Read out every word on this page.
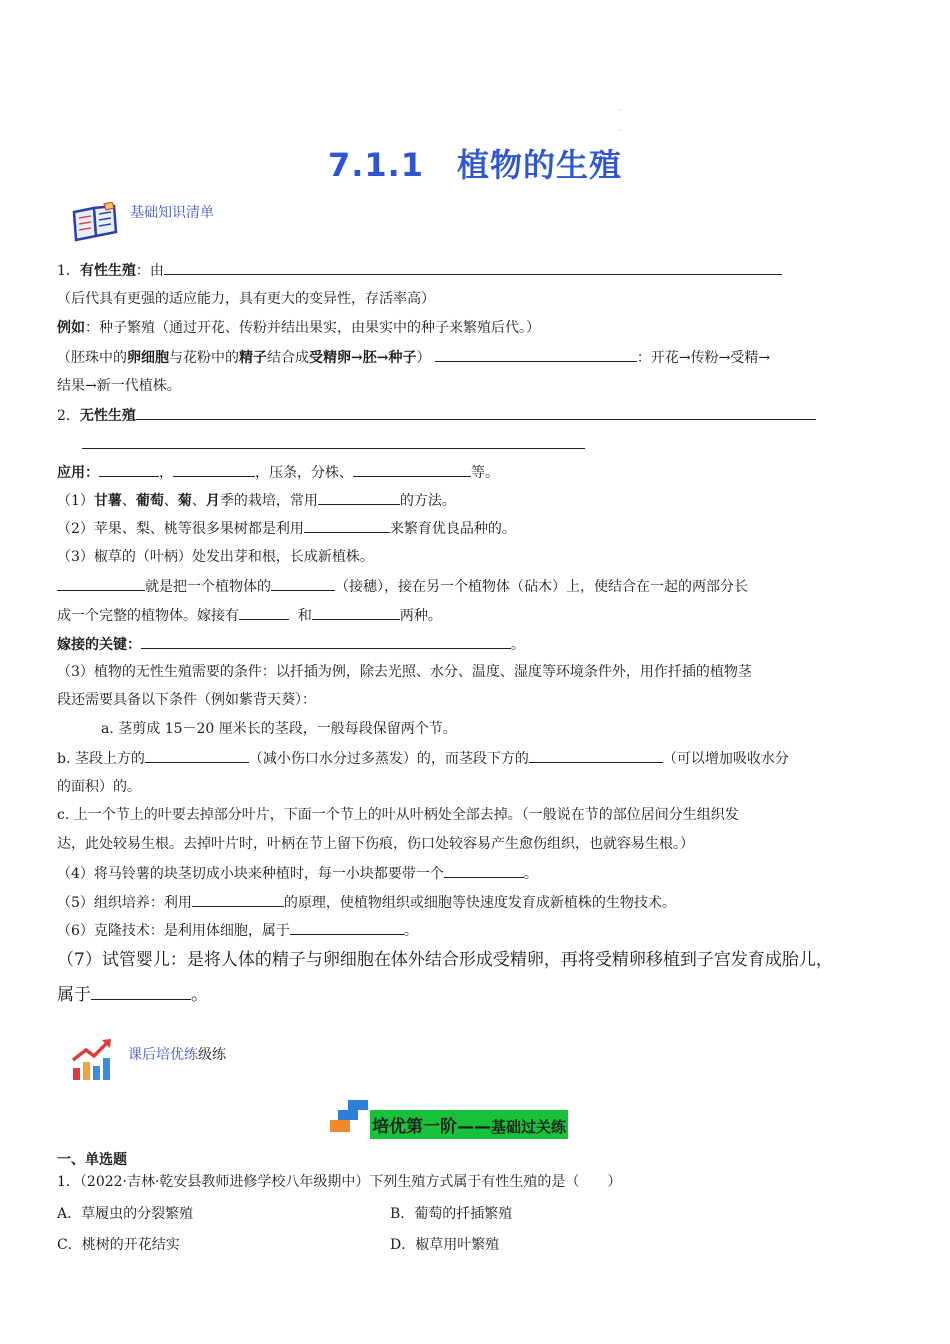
·
·
7.1.1　植物的生殖
基础知识清单
1．有性生殖：由
（后代具有更强的适应能力，具有更大的变异性，存活率高）
例如：种子繁殖（通过开花、传粉并结出果实，由果实中的种子来繁殖后代。）
（胚珠中的卵细胞与花粉中的精子结合成受精卵→胚→种子）	：开花→传粉→受精→
结果→新一代植株。
2．无性生殖
应用：	，	，压条，分株、	等。
（1）甘薯、葡萄、菊、月季的栽培，常用	的方法。
（2）苹果、梨、桃等很多果树都是利用	来繁育优良品种的。
（3）椒草的（叶柄）处发出芽和根，长成新植株。
就是把一个植物体的	（接穗），接在另一个植物体（砧木）上，使结合在一起的两部分长
成一个完整的植物体。嫁接有	和	两种。
嫁接的关键：	。
（3）植物的无性生殖需要的条件：以扦插为例，除去光照、水分、温度、湿度等环境条件外，用作扦插的植物茎
段还需要具备以下条件（例如紫背天葵）：
a. 茎剪成 15－20 厘米长的茎段，一般每段保留两个节。
b. 茎段上方的	（减小伤口水分过多蒸发）的，而茎段下方的	（可以增加吸收水分
的面积）的。
c. 上一个节上的叶要去掉部分叶片，下面一个节上的叶从叶柄处全部去掉。（一般说在节的部位居间分生组织发
达，此处较易生根。去掉叶片时，叶柄在节上留下伤痕，伤口处较容易产生愈伤组织，也就容易生根。）
（4）将马铃薯的块茎切成小块来种植时，每一小块都要带一个	。
（5）组织培养：利用	的原理，使植物组织或细胞等快速度发育成新植株的生物技术。
（6）克隆技术：是利用体细胞，属于	。
（7）试管婴儿：是将人体的精子与卵细胞在体外结合形成受精卵，再将受精卵移植到子宫发育成胎儿，
属于	。
课后培优练级练
培优第一阶——基础过关练
一、单选题
1．（2022·吉林·乾安县教师进修学校八年级期中）下列生殖方式属于有性生殖的是（　　）
A．草履虫的分裂繁殖	B．葡萄的扦插繁殖
C．桃树的开花结实	D．椒草用叶繁殖
